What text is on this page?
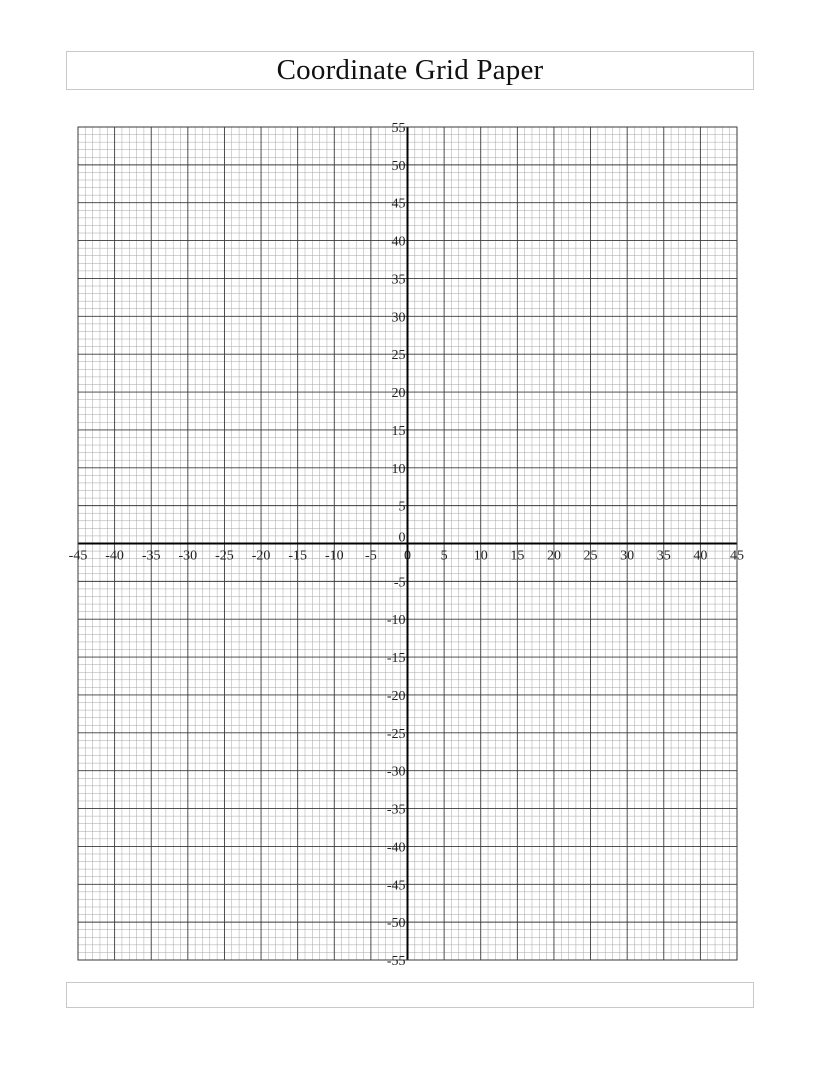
Coordinate Grid Paper
-45 -40 -35 -30 -25 -20 -15 -10 -5 0 5 10 15 20 25 30 35 40 45
55
50
45
40
35
30
25
20
15
10
5
0
-5
-10
-15
-20
-25
-30
-35
-40
-45
-50
-55
